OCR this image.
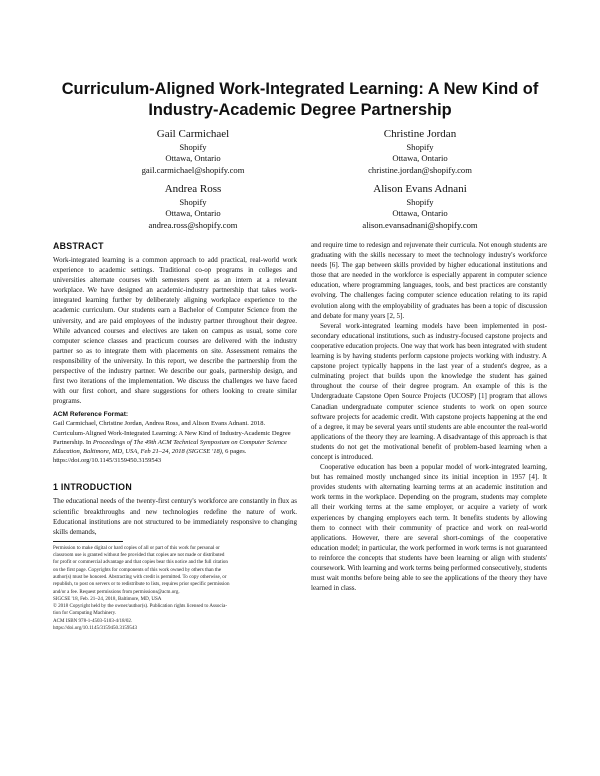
Curriculum-Aligned Work-Integrated Learning: A New Kind of
Industry-Academic Degree Partnership
Gail Carmichael
Shopify
Ottawa, Ontario
gail.carmichael@shopify.com
Christine Jordan
Shopify
Ottawa, Ontario
christine.jordan@shopify.com
Andrea Ross
Shopify
Ottawa, Ontario
andrea.ross@shopify.com
Alison Evans Adnani
Shopify
Ottawa, Ontario
alison.evansadnani@shopify.com
ABSTRACT

Work-integrated learning is a common approach to add practical, real-world work experience to academic settings. Traditional co-op programs in colleges and universities alternate courses with semesters spent as an intern at a relevant workplace. We have designed an academic-industry partnership that takes work-integrated learning further by deliberately aligning workplace experience to the academic curriculum. Our students earn a Bachelor of Computer Science from the university, and are paid employees of the industry partner throughout their degree. While advanced courses and electives are taken on campus as usual, some core computer science classes and practicum courses are delivered with the industry partner so as to integrate them with placements on site. Assessment remains the responsibility of the university. In this report, we describe the partnership from the perspective of the industry partner. We describe our goals, partnership design, and first two iterations of the implementation. We discuss the challenges we have faced with our first cohort, and share suggestions for others looking to create similar programs.

ACM Reference Format:
Gail Carmichael, Christine Jordan, Andrea Ross, and Alison Evans Adnani. 2018. Curriculum-Aligned Work-Integrated Learning: A New Kind of Industry-Academic Degree Partnership. In Proceedings of The 49th ACM Technical Symposium on Computer Science Education, Baltimore, MD, USA, Feb 21–24, 2018 (SIGCSE '18), 6 pages. https://doi.org/10.1145/3159450.3159543
1 INTRODUCTION

The educational needs of the twenty-first century's workforce are constantly in flux as scientific breakthroughs and new technologies redefine the nature of work. Educational institutions are not structured to be immediately responsive to changing skills demands,

Permission to make digital or hard copies of all or part of this work for personal or
classroom use is granted without fee provided that copies are not made or distributed
for profit or commercial advantage and that copies bear this notice and the full citation
on the first page. Copyrights for components of this work owned by others than the
author(s) must be honored. Abstracting with credit is permitted. To copy otherwise, or
republish, to post on servers or to redistribute to lists, requires prior specific permission
and/or a fee. Request permissions from permissions@acm.org.
SIGCSE '18, Feb. 21–24, 2018, Baltimore, MD, USA
© 2018 Copyright held by the owner/author(s). Publication rights licensed to Associa-
tion for Computing Machinery.
ACM ISBN 978-1-4503-5103-4/18/02.
https://doi.org/10.1145/3159450.3159543

and require time to redesign and rejuvenate their curricula. Not enough students are graduating with the skills necessary to meet the technology industry's workforce needs [6]. The gap between skills provided by higher educational institutions and those that are needed in the workforce is especially apparent in computer science education, where programming languages, tools, and best practices are constantly evolving. The challenges facing computer science education relating to its rapid evolution along with the employability of graduates has been a topic of discussion and debate for many years [2, 5].

Several work-integrated learning models have been implemented in post-secondary educational institutions, such as industry-focused capstone projects and cooperative education projects. One way that work has been integrated with student learning is by having students perform capstone projects working with industry. A capstone project typically happens in the last year of a student's degree, as a culminating project that builds upon the knowledge the student has gained throughout the course of their degree program. An example of this is the Undergraduate Capstone Open Source Projects (UCOSP) [1] program that allows Canadian undergraduate computer science students to work on open source software projects for academic credit. With capstone projects happening at the end of a degree, it may be several years until students are able encounter the real-world applications of the theory they are learning. A disadvantage of this approach is that students do not get the motivational benefit of problem-based learning when a concept is introduced.

Cooperative education has been a popular model of work-integrated learning, but has remained mostly unchanged since its initial inception in 1957 [4]. It provides students with alternating learning terms at an academic institution and work terms in the workplace. Depending on the program, students may complete all their working terms at the same employer, or acquire a variety of work experiences by changing employers each term. It benefits students by allowing them to connect with their community of practice and work on real-world applications. However, there are several short-comings of the cooperative education model; in particular, the work performed in work terms is not guaranteed to reinforce the concepts that students have been learning or align with students' coursework. With learning and work terms being performed consecutively, students must wait months before being able to see the applications of the theory they have learned in class.
